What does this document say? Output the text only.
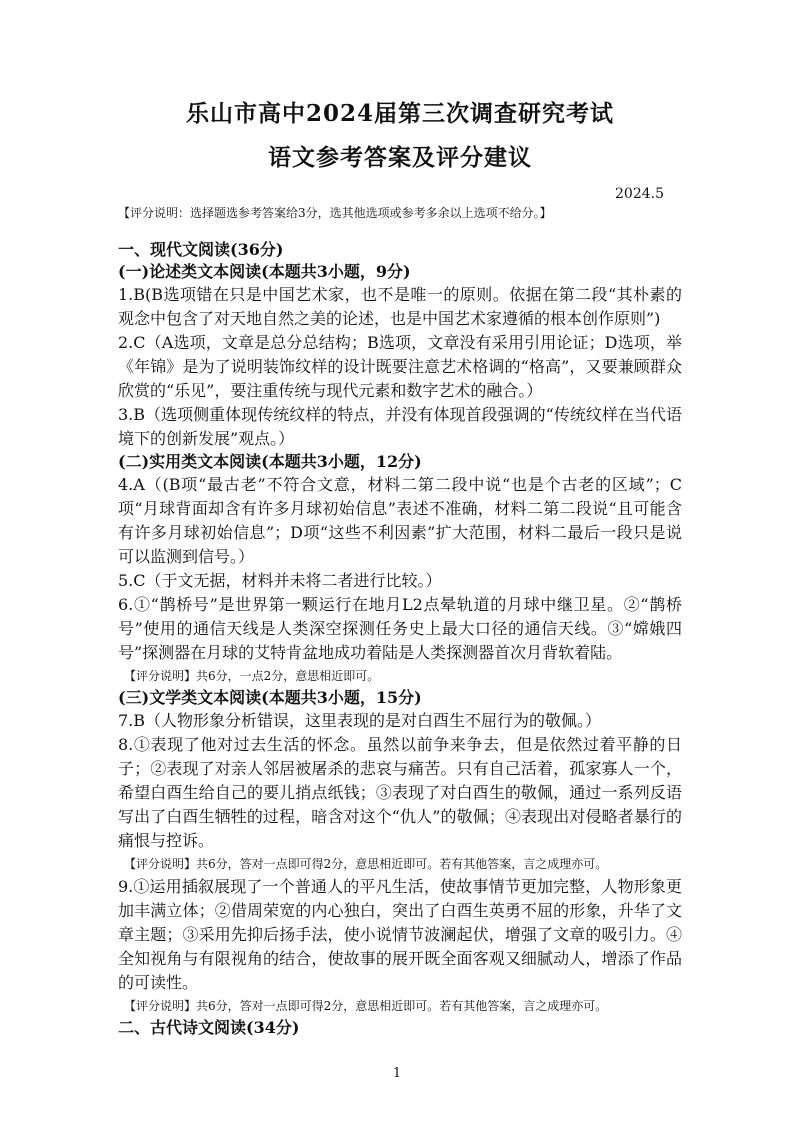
乐山市高中2024届第三次调查研究考试
语文参考答案及评分建议
2024.5
【评分说明：选择题选参考答案给3分，选其他选项或参考多余以上选项不给分。】
一、现代文阅读(36分)
(一)论述类文本阅读(本题共3小题，9分)

1.B(B选项错在只是中国艺术家，也不是唯一的原则。依据在第二段“其朴素的观念中包含了对天地自然之美的论述，也是中国艺术家遵循的根本创作原则”)

2.C（A选项，文章是总分总结构；B选项，文章没有采用引用论证；D选项，举《年锦》是为了说明装饰纹样的设计既要注意艺术格调的“格高”，又要兼顾群众欣赏的“乐见”，要注重传统与现代元素和数字艺术的融合。）

3.B（选项侧重体现传统纹样的特点，并没有体现首段强调的“传统纹样在当代语境下的创新发展”观点。）

(二)实用类文本阅读(本题共3小题，12分)

4.A（(B项“最古老”不符合文意，材料二第二段中说“也是个古老的区域”；C项“月球背面却含有许多月球初始信息”表述不准确，材料二第二段说“且可能含有许多月球初始信息”；D项“这些不利因素”扩大范围，材料二最后一段只是说可以监测到信号。）

5.C（于文无据，材料并未将二者进行比较。）

6.①“鹊桥号”是世界第一颗运行在地月L2点晕轨道的月球中继卫星。②“鹊桥号”使用的通信天线是人类深空探测任务史上最大口径的通信天线。③“嫦娥四号”探测器在月球的艾特肯盆地成功着陆是人类探测器首次月背软着陆。

【评分说明】共6分，一点2分，意思相近即可。

(三)文学类文本阅读(本题共3小题，15分)

7.B（人物形象分析错误，这里表现的是对白酉生不屈行为的敬佩。）

8.①表现了他对过去生活的怀念。虽然以前争来争去，但是依然过着平静的日子；②表现了对亲人邻居被屠杀的悲哀与痛苦。只有自己活着，孤家寡人一个，希望白酉生给自己的要儿捎点纸钱；③表现了对白酉生的敬佩，通过一系列反语写出了白酉生牺牲的过程，暗含对这个“仇人”的敬佩；④表现出对侵略者暴行的痛恨与控诉。

【评分说明】共6分，答对一点即可得2分，意思相近即可。若有其他答案，言之成理亦可。

9.①运用插叙展现了一个普通人的平凡生活，使故事情节更加完整，人物形象更加丰满立体；②借周荣宽的内心独白，突出了白酉生英勇不屈的形象，升华了文章主题；③采用先抑后扬手法，使小说情节波澜起伏，增强了文章的吸引力。④全知视角与有限视角的结合，使故事的展开既全面客观又细腻动人，增添了作品的可读性。

【评分说明】共6分，答对一点即可得2分，意思相近即可。若有其他答案，言之成理亦可。

二、古代诗文阅读(34分)
1
